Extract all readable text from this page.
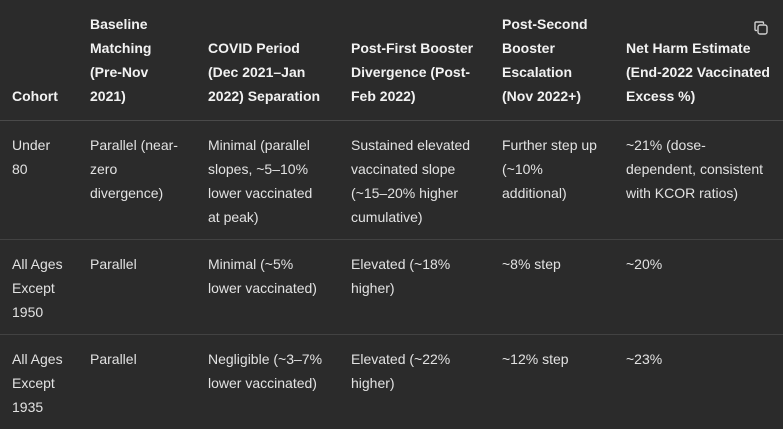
Cohort	Baseline Matching (Pre-Nov 2021)	COVID Period (Dec 2021–Jan 2022) Separation	Post-First Booster Divergence (Post-Feb 2022)	Post-Second Booster Escalation (Nov 2022+)	Net Harm Estimate (End-2022 Vaccinated Excess %)
Under 80	Parallel (near-zero divergence)	Minimal (parallel slopes, ~5–10% lower vaccinated at peak)	Sustained elevated vaccinated slope (~15–20% higher cumulative)	Further step up (~10% additional)	~21% (dose-dependent, consistent with KCOR ratios)
All Ages Except 1950	Parallel	Minimal (~5% lower vaccinated)	Elevated (~18% higher)	~8% step	~20%
All Ages Except 1935	Parallel	Negligible (~3–7% lower vaccinated)	Elevated (~22% higher)	~12% step	~23%
